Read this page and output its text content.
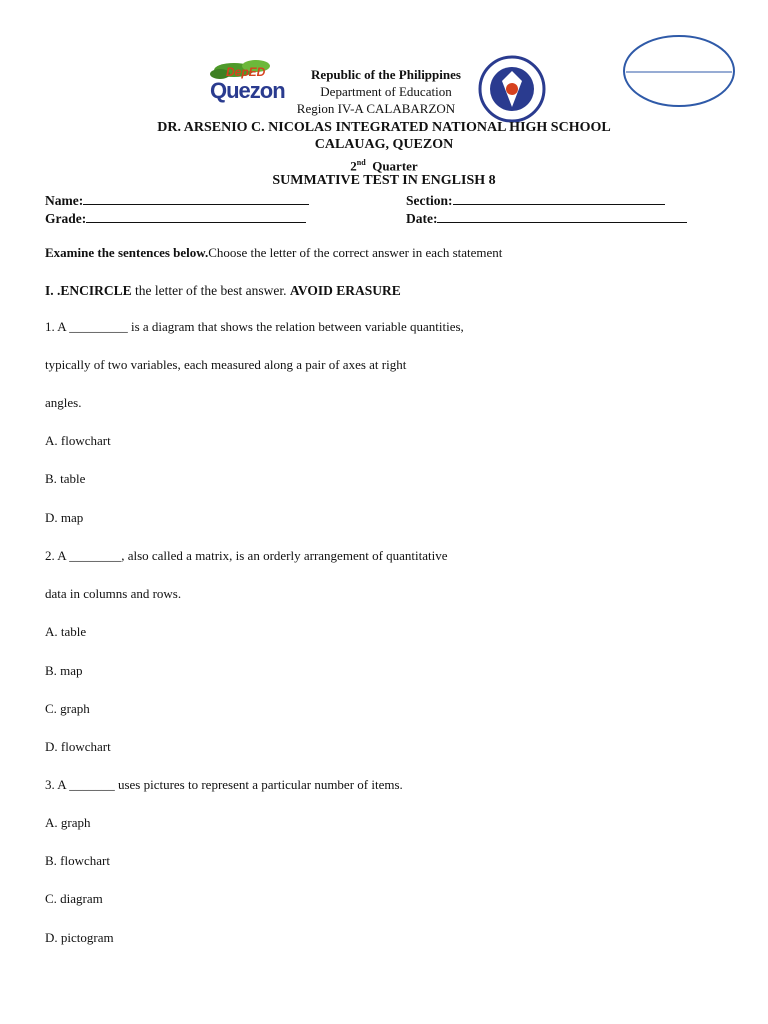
DepED
Quezon
Republic of the Philippines
Department of Education
Region IV-A CALABARZON
DR. ARSENIO C. NICOLAS INTEGRATED NATIONAL HIGH SCHOOL
CALAUAG, QUEZON
2nd Quarter
SUMMATIVE TEST IN ENGLISH 8
Name:	Section:
Grade:	Date:
Examine the sentences below.Choose the letter of the correct answer in each statement
I. .ENCIRCLE the letter of the best answer. AVOID ERASURE
1. A _________ is a diagram that shows the relation between variable quantities,
typically of two variables, each measured along a pair of axes at right
angles.
A. flowchart
B. table
D. map
2. A ________, also called a matrix, is an orderly arrangement of quantitative
data in columns and rows.
A. table
B. map
C. graph
D. flowchart
3. A _______ uses pictures to represent a particular number of items.
A. graph
B. flowchart
C. diagram
D. pictogram
